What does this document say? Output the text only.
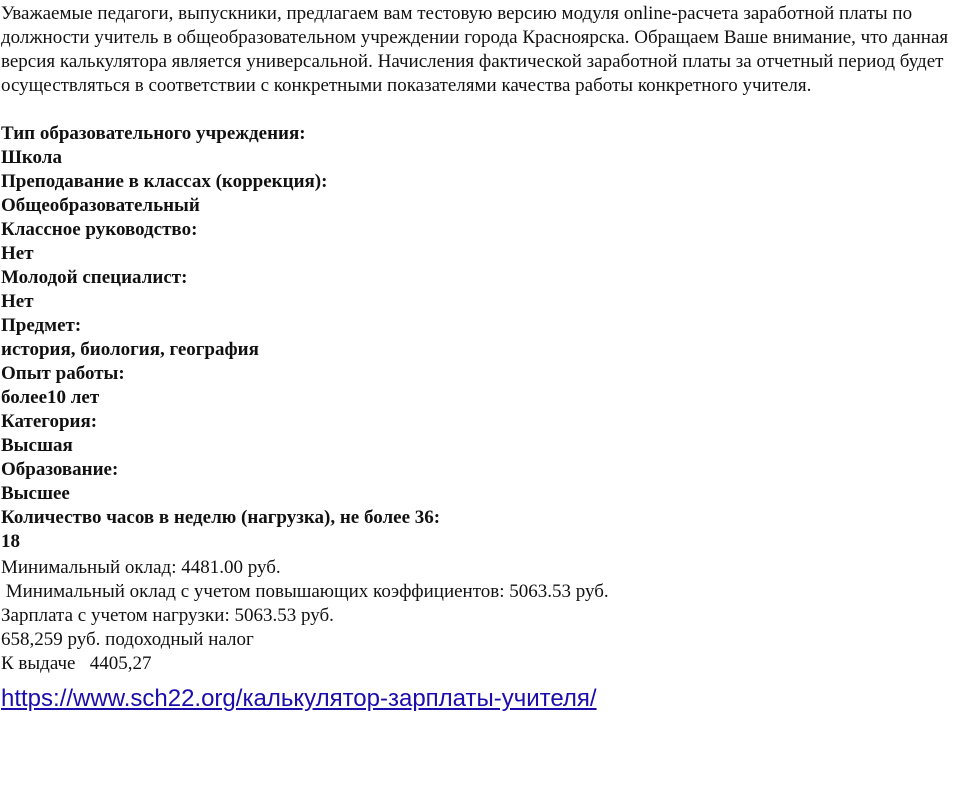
Уважаемые педагоги, выпускники, предлагаем вам тестовую версию модуля online-расчета заработной платы по должности учитель в общеобразовательном учреждении города Красноярска. Обращаем Ваше внимание, что данная версия калькулятора является универсальной. Начисления фактической заработной платы за отчетный период будет осуществляться в соответствии с конкретными показателями качества работы конкретного учителя.

Тип образовательного учреждения:
Школа
Преподавание в классах (коррекция):
Общеобразовательный
Классное руководство:
Нет
Молодой специалист:
Нет
Предмет:
история, биология, география
Опыт работы:
более10 лет
Категория:
Высшая
Образование:
Высшее
Количество часов в неделю (нагрузка), не более 36:
18
Минимальный оклад: 4481.00 руб.
Минимальный оклад с учетом повышающих коэффициентов: 5063.53 руб.
Зарплата с учетом нагрузки: 5063.53 руб.
658,259 руб. подоходный налог
К выдаче   4405,27
https://www.sch22.org/калькулятор-зарплаты-учителя/
